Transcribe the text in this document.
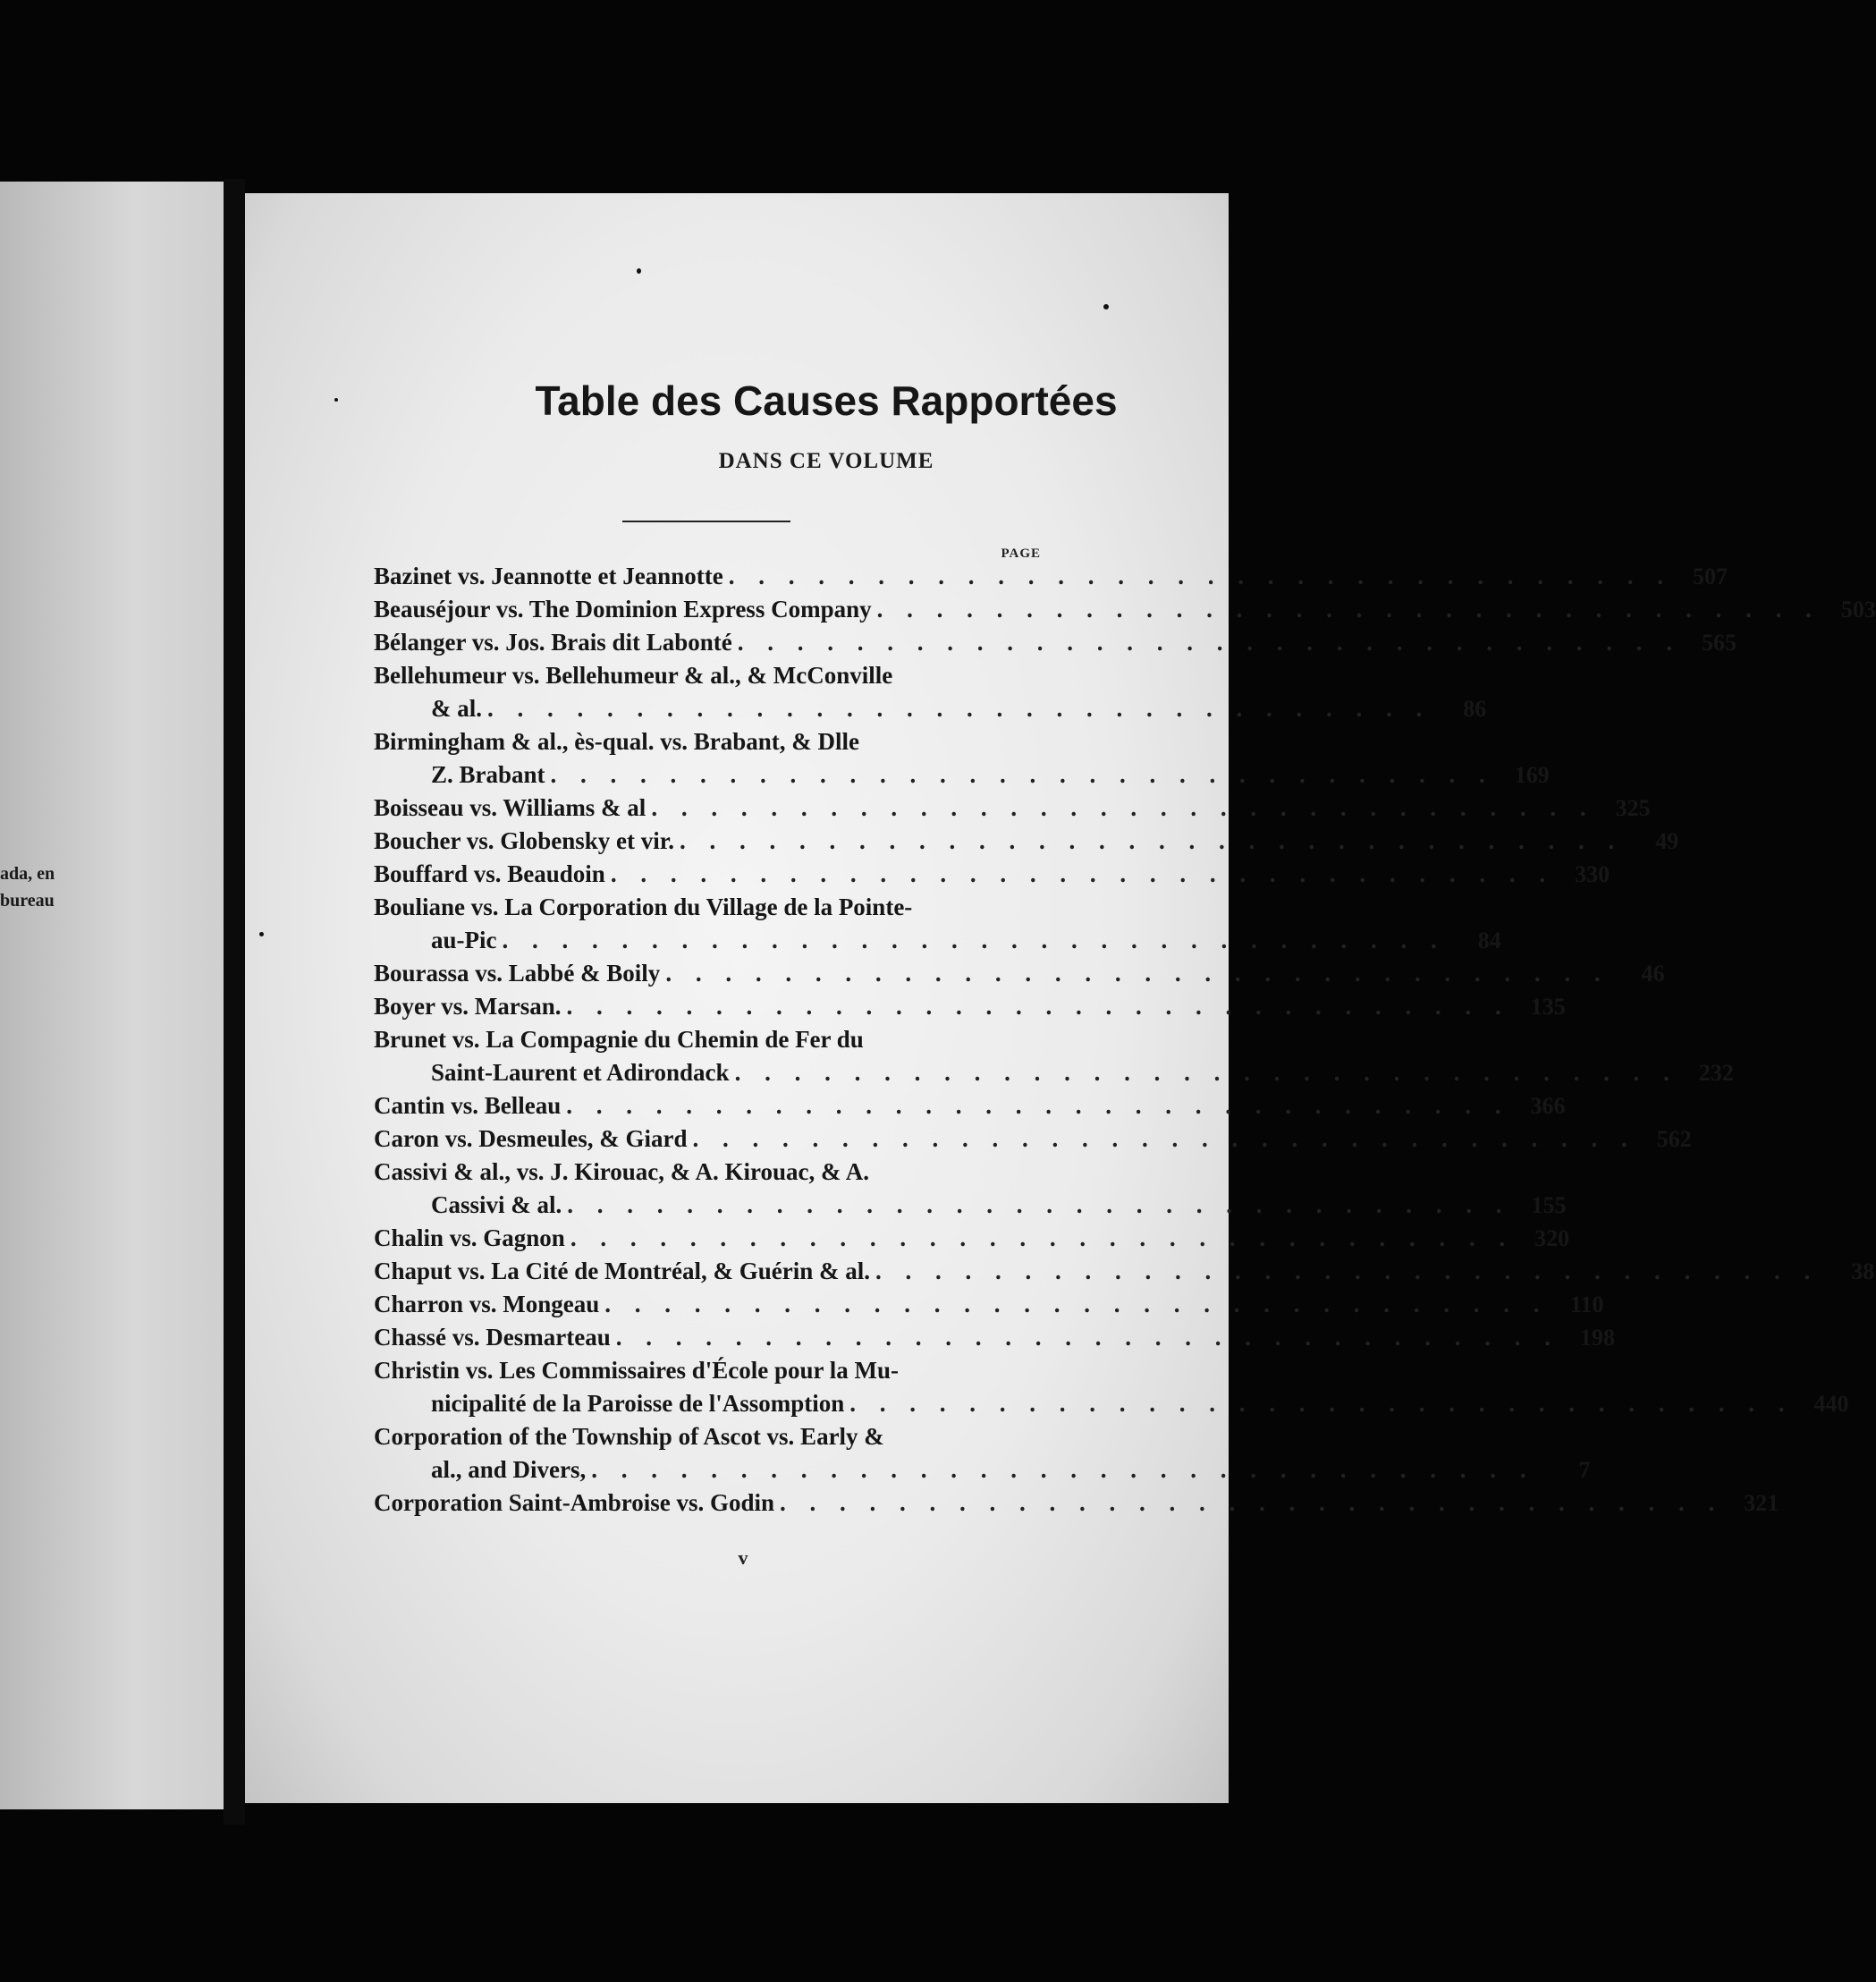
ada, en
bureau
Table des Causes Rapportées
DANS CE VOLUME
PAGE
Bazinet vs. Jeannotte et Jeannotte . . . . . . . . . . . . . . . . . . . . . . . . . . . . . . . . 507
Beauséjour vs. The Dominion Express Company . . . . . . . . . . . . . . . . . . . . . . . . . . . . . . . . 503
Bélanger vs. Jos. Brais dit Labonté . . . . . . . . . . . . . . . . . . . . . . . . . . . . . . . . 565
Bellehumeur vs. Bellehumeur & al., & McConville
& al. . . . . . . . . . . . . . . . . . . . . . . . . . . . . . . . .	86
Birmingham & al., ès-qual. vs. Brabant, & Dlle
Z. Brabant . . . . . . . . . . . . . . . . . . . . . . . . . . . . . . . . 169
Boisseau vs. Williams & al . . . . . . . . . . . . . . . . . . . . . . . . . . . . . . . . 325
Boucher vs. Globensky et vir. . . . . . . . . . . . . . . . . . . . . . . . . . . . . . . . .	49
Bouffard vs. Beaudoin . . . . . . . . . . . . . . . . . . . . . . . . . . . . . . . . 330
Bouliane vs. La Corporation du Village de la Pointe-
au-Pic . . . . . . . . . . . . . . . . . . . . . . . . . . . . . . . .	84
Bourassa vs. Labbé & Boily . . . . . . . . . . . . . . . . . . . . . . . . . . . . . . . .	46
Boyer vs. Marsan. . . . . . . . . . . . . . . . . . . . . . . . . . . . . . . . . 135
Brunet vs. La Compagnie du Chemin de Fer du
Saint-Laurent et Adirondack . . . . . . . . . . . . . . . . . . . . . . . . . . . . . . . . 232
Cantin vs. Belleau . . . . . . . . . . . . . . . . . . . . . . . . . . . . . . . . 366
Caron vs. Desmeules, & Giard . . . . . . . . . . . . . . . . . . . . . . . . . . . . . . . . 562
Cassivi & al., vs. J. Kirouac, & A. Kirouac, & A.
Cassivi & al. . . . . . . . . . . . . . . . . . . . . . . . . . . . . . . . . 155
Chalin vs. Gagnon . . . . . . . . . . . . . . . . . . . . . . . . . . . . . . . . 320
Chaput vs. La Cité de Montréal, & Guérin & al. . . . . . . . . . . . . . . . . . . . . . . . . . . . . . . . .	38
Charron vs. Mongeau . . . . . . . . . . . . . . . . . . . . . . . . . . . . . . . . 110
Chassé vs. Desmarteau . . . . . . . . . . . . . . . . . . . . . . . . . . . . . . . . 198
Christin vs. Les Commissaires d'École pour la Mu-
nicipalité de la Paroisse de l'Assomption . . . . . . . . . . . . . . . . . . . . . . . . . . . . . . . . 440
Corporation of the Township of Ascot vs. Early &
al., and Divers, . . . . . . . . . . . . . . . . . . . . . . . . . . . . . . . .	7
Corporation Saint-Ambroise vs. Godin . . . . . . . . . . . . . . . . . . . . . . . . . . . . . . . . 321
v
